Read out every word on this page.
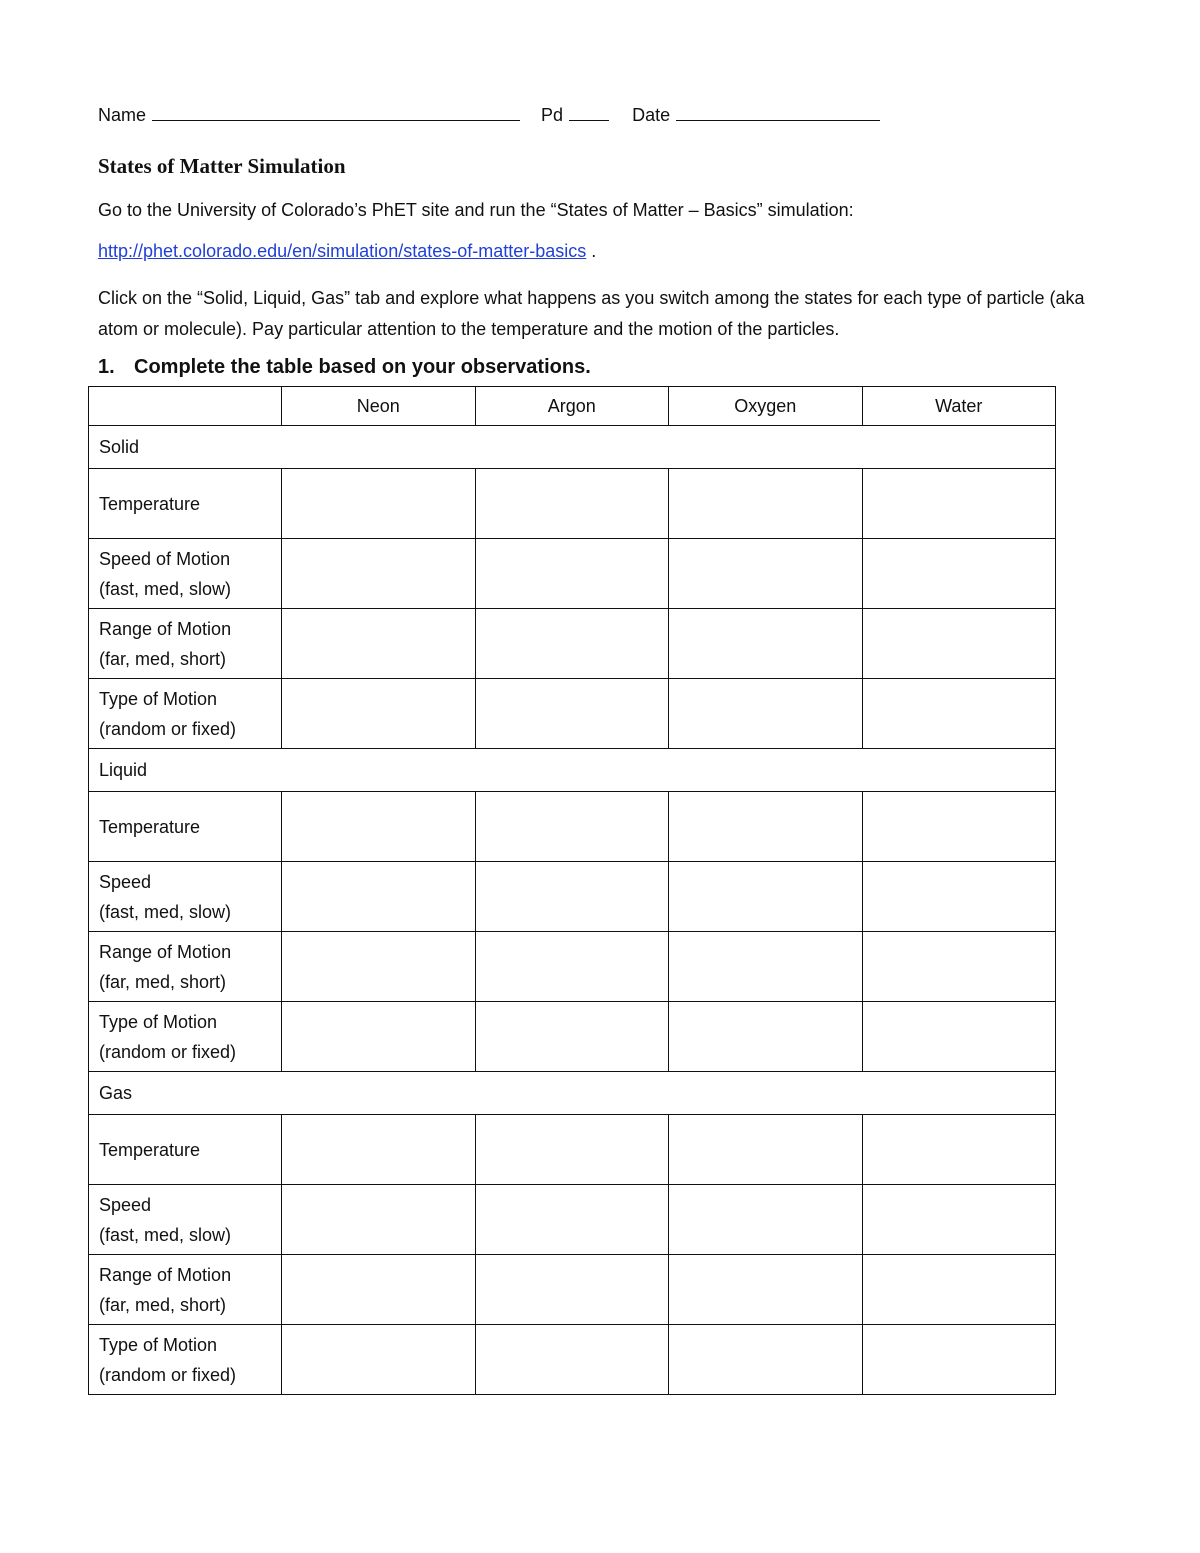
Name	Pd	Date
States of Matter Simulation
Go to the University of Colorado’s PhET site and run the “States of Matter – Basics” simulation:
http://phet.colorado.edu/en/simulation/states-of-matter-basics .
Click on the “Solid, Liquid, Gas” tab and explore what happens as you switch among the states for each type of particle (aka atom or molecule). Pay particular attention to the temperature and the motion of the particles.
1. Complete the table based on your observations.
	Neon	Argon	Oxygen	Water
Solid				

Temperature				

Speed of Motion
(fast, med, slow)				

Range of Motion
(far, med, short)				

Type of Motion
(random or fixed)				

Liquid				

Temperature				

Speed
(fast, med, slow)				

Range of Motion
(far, med, short)				

Type of Motion
(random or fixed)				

Gas				

Temperature				

Speed
(fast, med, slow)				

Range of Motion
(far, med, short)				

Type of Motion
(random or fixed)				
